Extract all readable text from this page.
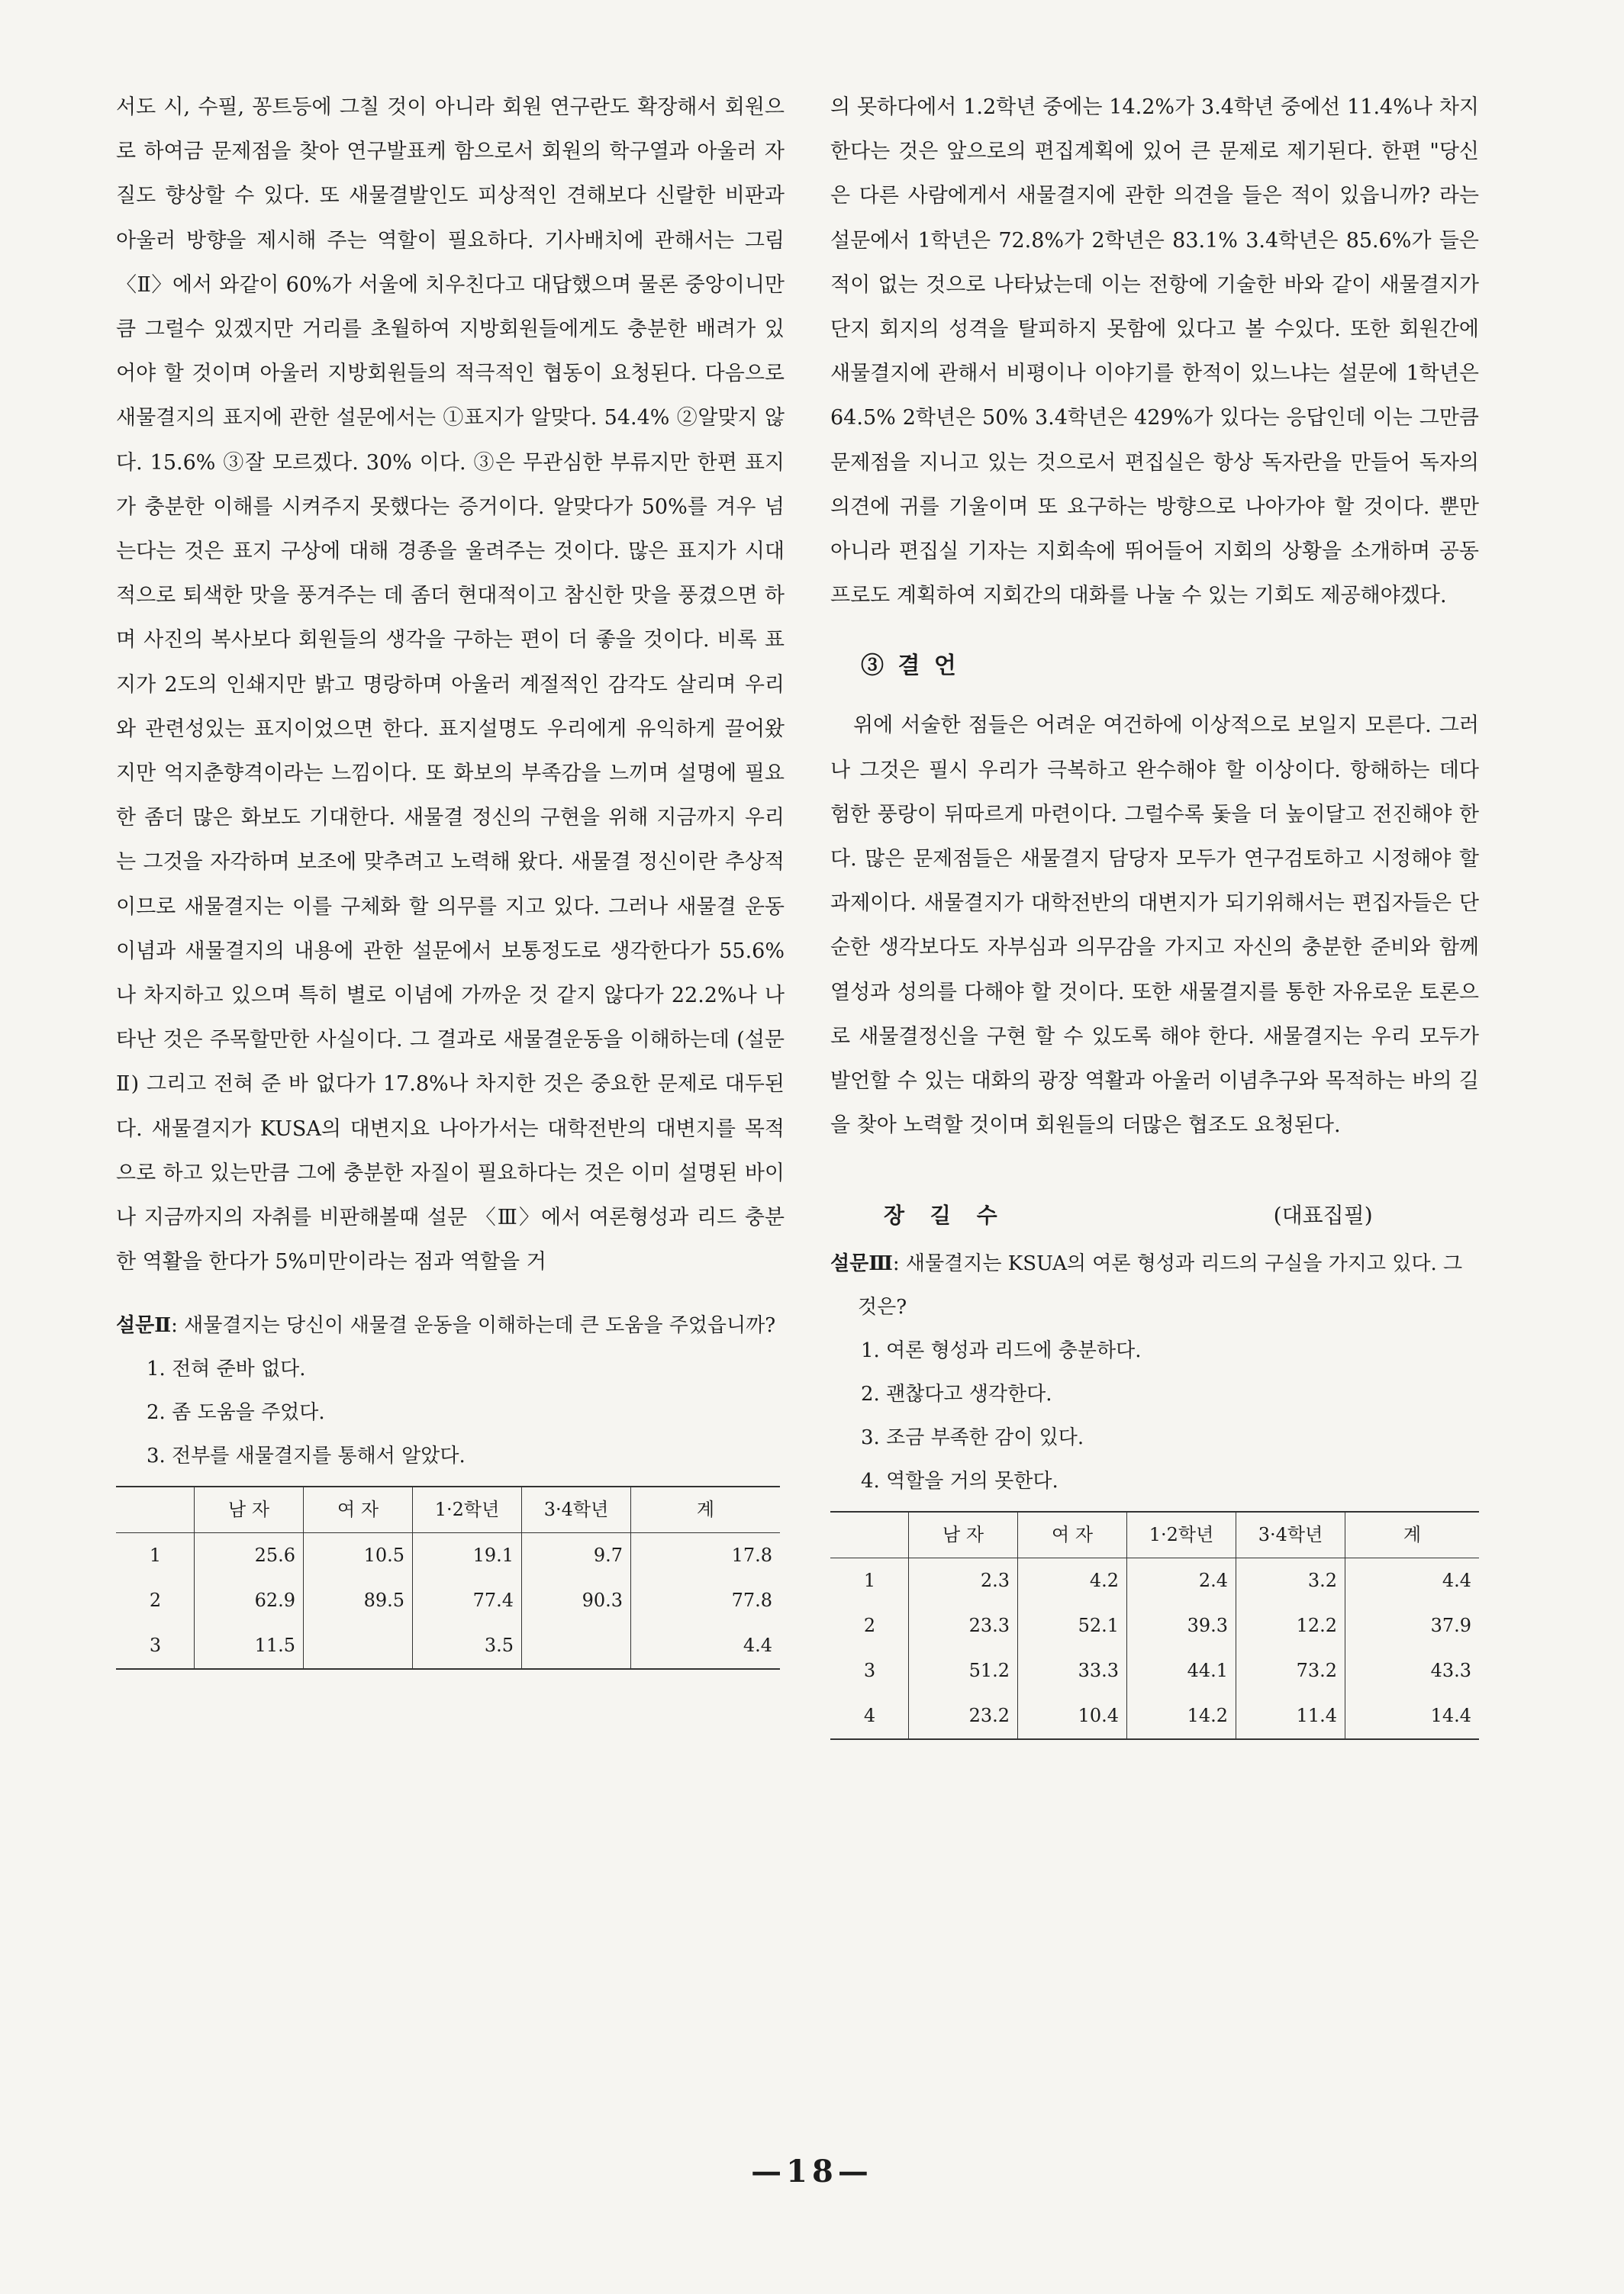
서도 시, 수필, 꽁트등에 그칠 것이 아니라 회원 연구란도 확장해서 회원으로 하여금 문제점을 찾아 연구발표케 함으로서 회원의 학구열과 아울러 자질도 향상할 수 있다. 또 새물결발인도 피상적인 견해보다 신랄한 비판과 아울러 방향을 제시해 주는 역할이 필요하다. 기사배치에 관해서는 그림 〈Ⅱ〉에서 와같이 60%가 서울에 치우친다고 대답했으며 물론 중앙이니만큼 그럴수 있겠지만 거리를 초월하여 지방회원들에게도 충분한 배려가 있어야 할 것이며 아울러 지방회원들의 적극적인 협동이 요청된다. 다음으로 새물결지의 표지에 관한 설문에서는 ①표지가 알맞다. 54.4% ②알맞지 않다. 15.6% ③잘 모르겠다. 30% 이다. ③은 무관심한 부류지만 한편 표지가 충분한 이해를 시켜주지 못했다는 증거이다. 알맞다가 50%를 겨우 넘는다는 것은 표지 구상에 대해 경종을 울려주는 것이다. 많은 표지가 시대적으로 퇴색한 맛을 풍겨주는 데 좀더 현대적이고 참신한 맛을 풍겼으면 하며 사진의 복사보다 회원들의 생각을 구하는 편이 더 좋을 것이다. 비록 표지가 2도의 인쇄지만 밝고 명랑하며 아울러 계절적인 감각도 살리며 우리와 관련성있는 표지이었으면 한다. 표지설명도 우리에게 유익하게 끌어왔지만 억지춘향격이라는 느낌이다. 또 화보의 부족감을 느끼며 설명에 필요한 좀더 많은 화보도 기대한다. 새물결 정신의 구현을 위해 지금까지 우리는 그것을 자각하며 보조에 맞추려고 노력해 왔다. 새물결 정신이란 추상적이므로 새물결지는 이를 구체화 할 의무를 지고 있다. 그러나 새물결 운동 이념과 새물결지의 내용에 관한 설문에서 보통정도로 생각한다가 55.6%나 차지하고 있으며 특히 별로 이념에 가까운 것 같지 않다가 22.2%나 나타난 것은 주목할만한 사실이다. 그 결과로 새물결운동을 이해하는데 (설문 Ⅱ) 그리고 전혀 준 바 없다가 17.8%나 차지한 것은 중요한 문제로 대두된다. 새물결지가 KUSA의 대변지요 나아가서는 대학전반의 대변지를 목적으로 하고 있는만큼 그에 충분한 자질이 필요하다는 것은 이미 설명된 바이나 지금까지의 자취를 비판해볼때 설문 〈Ⅲ〉에서 여론형성과 리드 충분한 역활을 한다가 5%미만이라는 점과 역할을 거

설문Ⅱ: 새물결지는 당신이 새물결 운동을 이해하는데 큰 도움을 주었읍니까?
1. 전혀 준바 없다.
2. 좀 도움을 주었다.
3. 전부를 새물결지를 통해서 알았다.
	남 자	여 자	1·2학년	3·4학년	계
1	25.6	10.5	19.1	9.7	17.8
2	62.9	89.5	77.4	90.3	77.8
3	11.5		3.5		4.4

의 못하다에서 1.2학년 중에는 14.2%가 3.4학년 중에선 11.4%나 차지 한다는 것은 앞으로의 편집계획에 있어 큰 문제로 제기된다. 한편 "당신은 다른 사람에게서 새물결지에 관한 의견을 들은 적이 있읍니까? 라는 설문에서 1학년은 72.8%가 2학년은 83.1% 3.4학년은 85.6%가 들은 적이 없는 것으로 나타났는데 이는 전항에 기술한 바와 같이 새물결지가 단지 회지의 성격을 탈피하지 못함에 있다고 볼 수있다. 또한 회원간에 새물결지에 관해서 비평이나 이야기를 한적이 있느냐는 설문에 1학년은 64.5% 2학년은 50% 3.4학년은 429%가 있다는 응답인데 이는 그만큼 문제점을 지니고 있는 것으로서 편집실은 항상 독자란을 만들어 독자의 의견에 귀를 기울이며 또 요구하는 방향으로 나아가야 할 것이다. 뿐만 아니라 편집실 기자는 지회속에 뛰어들어 지회의 상황을 소개하며 공동프로도 계획하여 지회간의 대화를 나눌 수 있는 기회도 제공해야겠다.

③ 결 언

위에 서술한 점들은 어려운 여건하에 이상적으로 보일지 모른다. 그러나 그것은 필시 우리가 극복하고 완수해야 할 이상이다. 항해하는 데다 험한 풍랑이 뒤따르게 마련이다. 그럴수록 돛을 더 높이달고 전진해야 한다. 많은 문제점들은 새물결지 담당자 모두가 연구검토하고 시정해야 할 과제이다. 새물결지가 대학전반의 대변지가 되기위해서는 편집자들은 단순한 생각보다도 자부심과 의무감을 가지고 자신의 충분한 준비와 함께 열성과 성의를 다해야 할 것이다. 또한 새물결지를 통한 자유로운 토론으로 새물결정신을 구현 할 수 있도록 해야 한다. 새물결지는 우리 모두가 발언할 수 있는 대화의 광장 역활과 아울러 이념추구와 목적하는 바의 길을 찾아 노력할 것이며 회원들의 더많은 협조도 요청된다.

장 길 수	(대표집필)
설문Ⅲ: 새물결지는 KSUA의 여론 형성과 리드의 구실을 가지고 있다. 그것은?
1. 여론 형성과 리드에 충분하다.
2. 괜찮다고 생각한다.
3. 조금 부족한 감이 있다.
4. 역할을 거의 못한다.
	남 자	여 자	1·2학년	3·4학년	계
1	2.3	4.2	2.4	3.2	4.4
2	23.3	52.1	39.3	12.2	37.9
3	51.2	33.3	44.1	73.2	43.3
4	23.2	10.4	14.2	11.4	14.4
—18—
